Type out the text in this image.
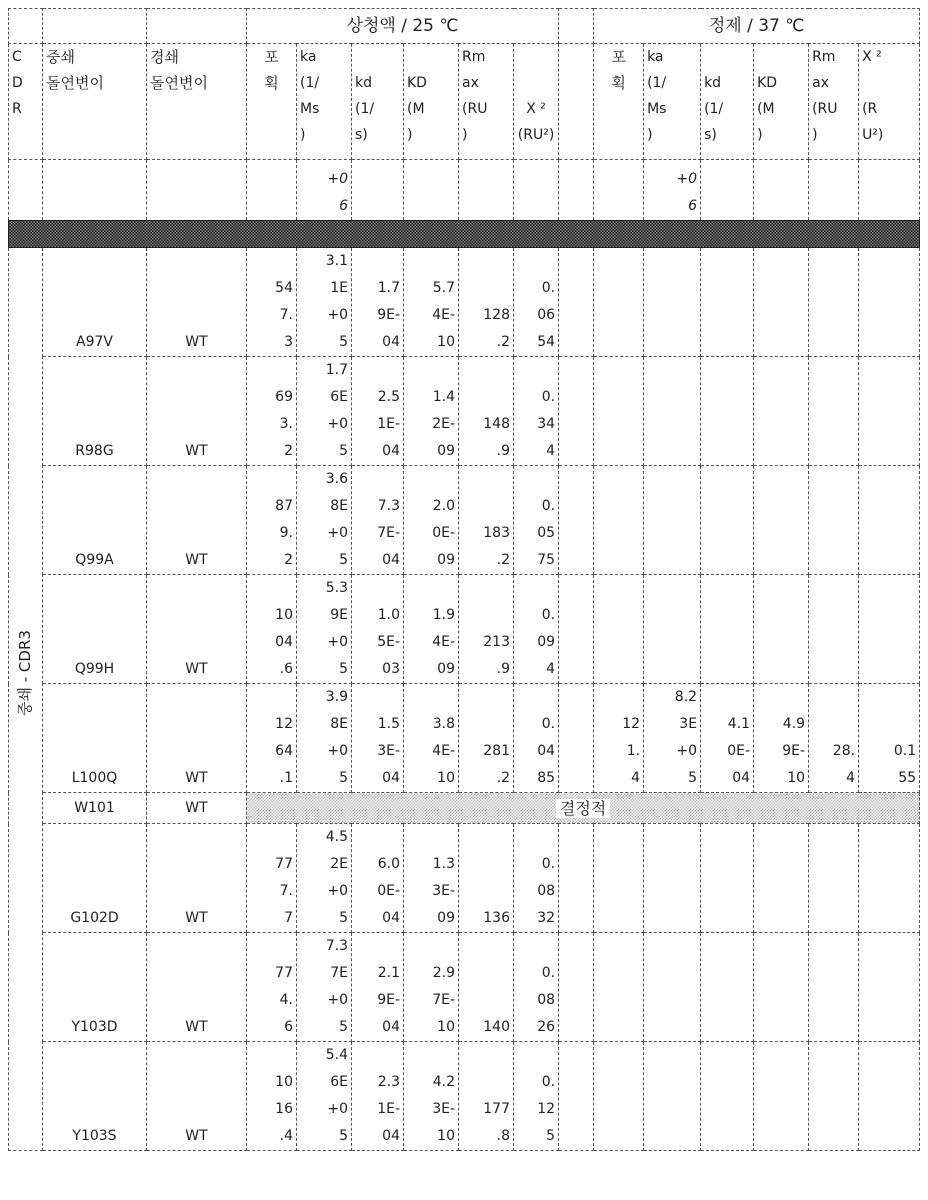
			상청액 / 25 ℃		정제 / 37 ℃
C
D
R	중쇄
돌연변이	경쇄
돌연변이	포
획	ka
(1/
Ms
)	
kd
(1/
s)	
KD
(M
)	Rm
ax
(RU
)	

X ²
(RU²)		포
획	ka
(1/
Ms
)	
kd
(1/
s)	
KD
(M
)	Rm
ax
(RU
)	X ²

(R
U²)
				+0
6							+0
6				

중쇄 - CDR3
	A97V	WT	54
7.
3	3.1
1E
+0
5	1.7
9E-
04	5.7
4E-
10	128
.2	0.
06
54							
R98G	WT	69
3.
2	1.7
6E
+0
5	2.5
1E-
04	1.4
2E-
09	148
.9	0.
34
4							
Q99A	WT	87
9.
2	3.6
8E
+0
5	7.3
7E-
04	2.0
0E-
09	183
.2	0.
05
75							
Q99H	WT	10
04
.6	5.3
9E
+0
5	1.0
5E-
03	1.9
4E-
09	213
.9	0.
09
4							
L100Q	WT	12
64
.1	3.9
8E
+0
5	1.5
3E-
04	3.8
4E-
10	281
.2	0.
04
85		12
1.
4	8.2
3E
+0
5	4.1
0E-
04	4.9
9E-
10	28.
4	0.1
55
W101	WT	결정적
G102D	WT	77
7.
7	4.5
2E
+0
5	6.0
0E-
04	1.3
3E-
09	136	0.
08
32							
Y103D	WT	77
4.
6	7.3
7E
+0
5	2.1
9E-
04	2.9
7E-
10	140	0.
08
26							
Y103S	WT	10
16
.4	5.4
6E
+0
5	2.3
1E-
04	4.2
3E-
10	177
.8	0.
12
5							
